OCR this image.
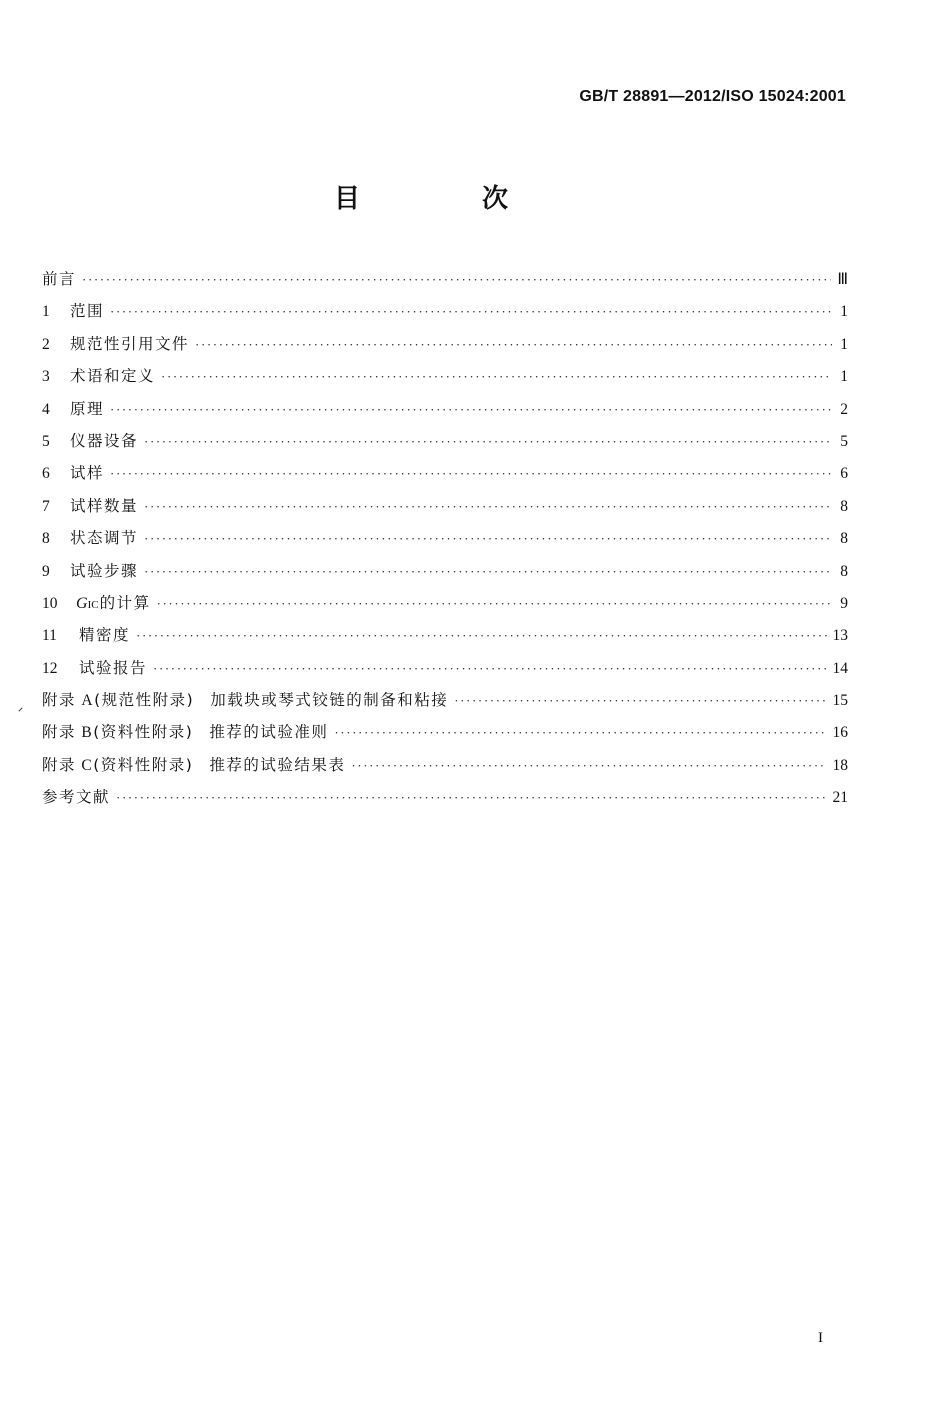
GB/T 28891—2012/ISO 15024:2001
目　次
前言 ·····	Ⅲ
1	范围 ·····	1
2	规范性引用文件 ·····	1
3	术语和定义 ·····	1
4	原理 ·····	2
5	仪器设备 ·····	5
6	试样 ·····	6
7	试样数量 ·····	8
8	状态调节 ·····	8
9	试验步骤 ·····	8
10	G IC 的计算 ·····	9
11	精密度 ·····	13
12	试验报告 ·····	14
附录 A (规范性附录) 加载块或琴式铰链的制备和粘接 ·····	15
附录 B (资料性附录) 推荐的试验准则 ·····	16
附录 C (资料性附录) 推荐的试验结果表 ·····	18
参考文献 ·····	21
I
